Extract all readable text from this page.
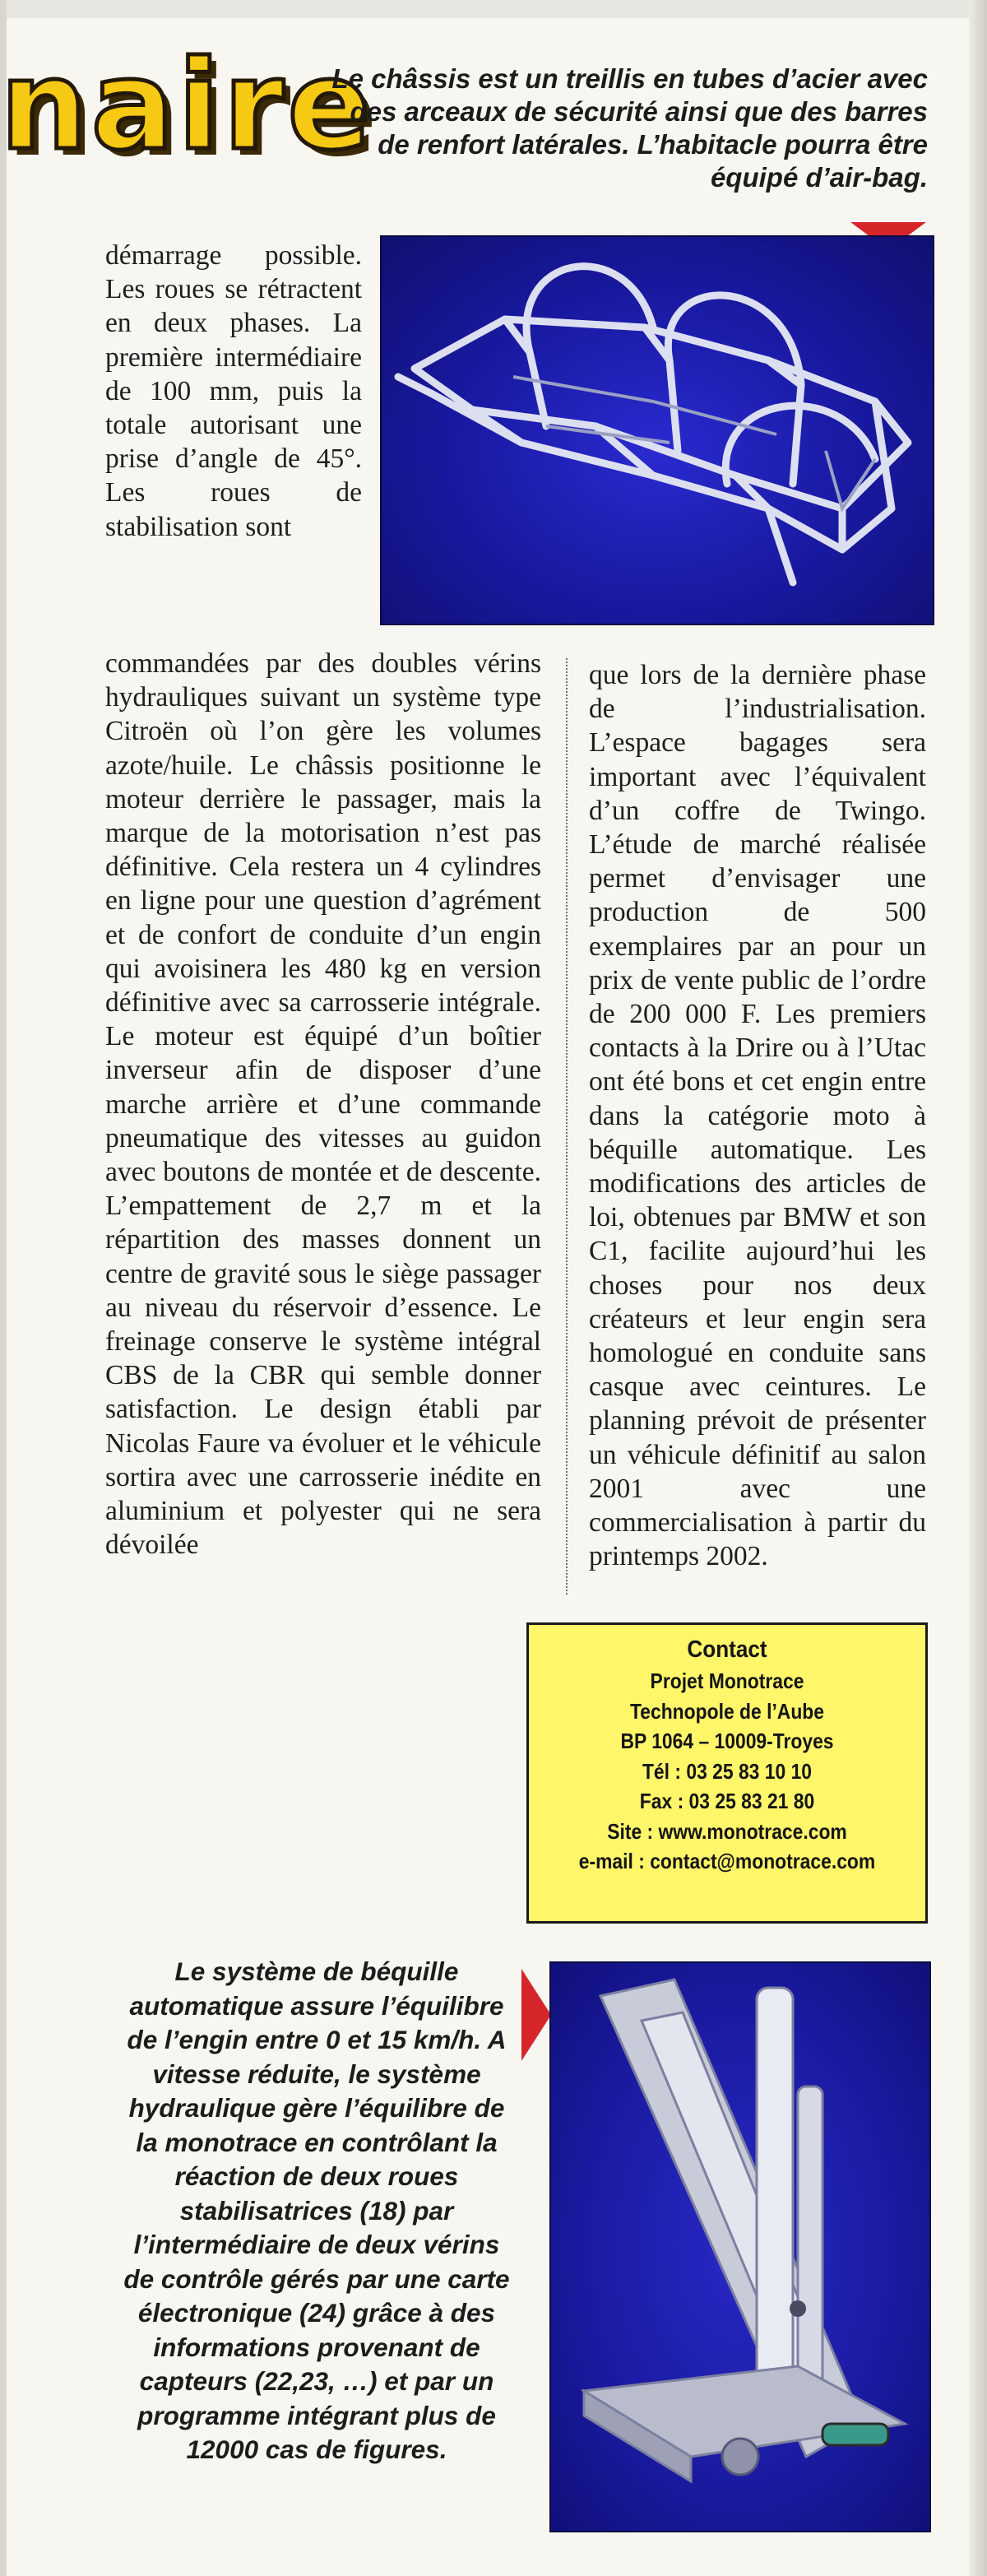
naire
Le châssis est un treillis en tubes d’acier avec des arceaux de sécurité ainsi que des barres de renfort latérales. L’habitacle pourra être équipé d’air-bag.

démarrage possible. Les roues se rétractent en deux phases. La première intermédiaire de 100 mm, puis la totale autorisant une prise d’angle de 45°. Les roues de stabilisation sont

commandées par des doubles vérins hydrauliques suivant un système type Citroën où l’on gère les volumes azote/huile. Le châssis positionne le moteur derrière le passager, mais la marque de la motorisation n’est pas définitive. Cela restera un 4 cylindres en ligne pour une question d’agrément et de confort de conduite d’un engin qui avoisinera les 480 kg en version définitive avec sa carrosserie intégrale. Le moteur est équipé d’un boîtier inverseur afin de disposer d’une marche arrière et d’une commande pneumatique des vitesses au guidon avec boutons de montée et de descente. L’empattement de 2,7 m et la répartition des masses donnent un centre de gravité sous le siège passager au niveau du réservoir d’essence. Le freinage conserve le système intégral CBS de la CBR qui semble donner satisfaction. Le design établi par Nicolas Faure va évoluer et le véhicule sortira avec une carrosserie inédite en aluminium et polyester qui ne sera dévoilée

que lors de la dernière phase de l’industrialisation. L’espace bagages sera important avec l’équivalent d’un coffre de Twingo. L’étude de marché réalisée permet d’envisager une production de 500 exemplaires par an pour un prix de vente public de l’ordre de 200 000 F. Les premiers contacts à la Drire ou à l’Utac ont été bons et cet engin entre dans la catégorie moto à béquille automatique. Les modifications des articles de loi, obtenues par BMW et son C1, facilite aujourd’hui les choses pour nos deux créateurs et leur engin sera homologué en conduite sans casque avec ceintures. Le planning prévoit de présenter un véhicule définitif au salon 2001 avec une commercialisation à partir du printemps 2002.

Contact
Projet Monotrace
Technopole de l’Aube
BP 1064 – 10009-Troyes
Tél : 03 25 83 10 10
Fax : 03 25 83 21 80
Site : www.monotrace.com
e-mail : contact@monotrace.com
Le système de béquille automatique assure l’équilibre de l’engin entre 0 et 15 km/h. A vitesse réduite, le système hydraulique gère l’équilibre de la monotrace en contrôlant la réaction de deux roues stabilisatrices (18) par l’intermédiaire de deux vérins de contrôle gérés par une carte électronique (24) grâce à des informations provenant de capteurs (22,23, …) et par un programme intégrant plus de 12000 cas de figures.
